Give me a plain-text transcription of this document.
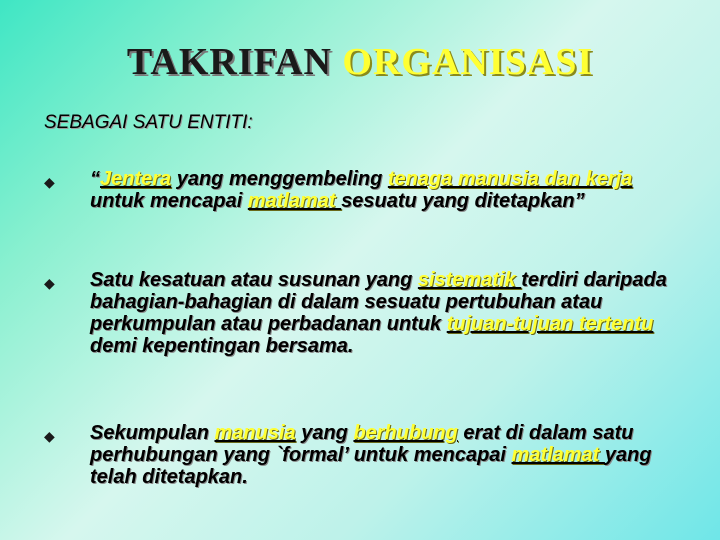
TAKRIFAN ORGANISASI
SEBAGAI SATU ENTITI:
◆ “Jentera yang menggembeling tenaga manusia dan kerja untuk mencapai matlamat sesuatu yang ditetapkan”
◆ Satu kesatuan atau susunan yang sistematik terdiri daripada bahagian-bahagian di dalam sesuatu pertubuhan atau perkumpulan atau perbadanan untuk tujuan-tujuan tertentu demi kepentingan bersama.
◆ Sekumpulan manusia yang berhubung erat di dalam satu perhubungan yang `formal’ untuk mencapai matlamat yang telah ditetapkan.
